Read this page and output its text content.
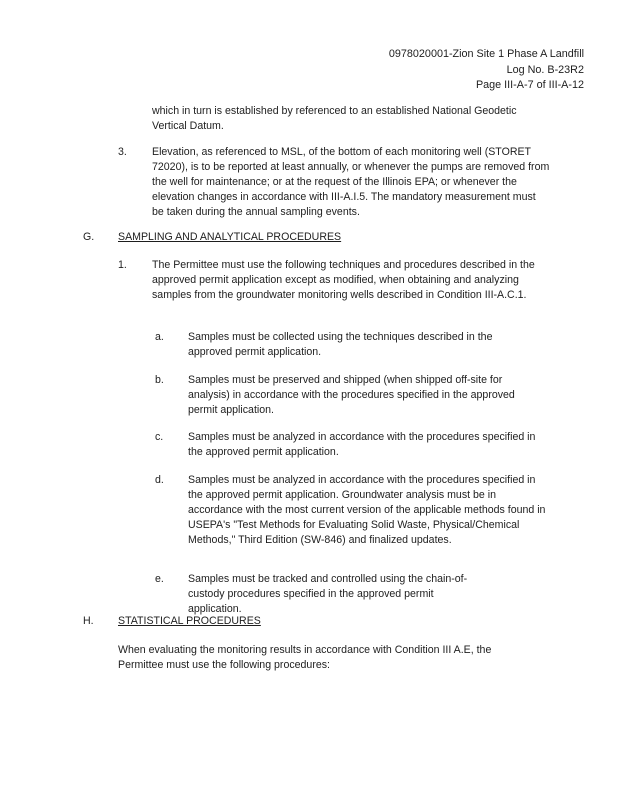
0978020001-Zion Site 1 Phase A Landfill
Log No. B-23R2
Page III-A-7 of III-A-12

which in turn is established by referenced to an established National Geodetic Vertical Datum.

3. Elevation, as referenced to MSL, of the bottom of each monitoring well (STORET 72020), is to be reported at least annually, or whenever the pumps are removed from the well for maintenance; or at the request of the Illinois EPA; or whenever the elevation changes in accordance with III-A.I.5. The mandatory measurement must be taken during the annual sampling events.

G. SAMPLING AND ANALYTICAL PROCEDURES

1. The Permittee must use the following techniques and procedures described in the approved permit application except as modified, when obtaining and analyzing samples from the groundwater monitoring wells described in Condition III-A.C.1.

a. Samples must be collected using the techniques described in the approved permit application.

b. Samples must be preserved and shipped (when shipped off-site for analysis) in accordance with the procedures specified in the approved permit application.

c. Samples must be analyzed in accordance with the procedures specified in the approved permit application.

d. Samples must be analyzed in accordance with the procedures specified in the approved permit application. Groundwater analysis must be in accordance with the most current version of the applicable methods found in USEPA's "Test Methods for Evaluating Solid Waste, Physical/Chemical Methods," Third Edition (SW-846) and finalized updates.

e. Samples must be tracked and controlled using the chain-of-custody procedures specified in the approved permit application.

H. STATISTICAL PROCEDURES

When evaluating the monitoring results in accordance with Condition III A.E, the Permittee must use the following procedures:
